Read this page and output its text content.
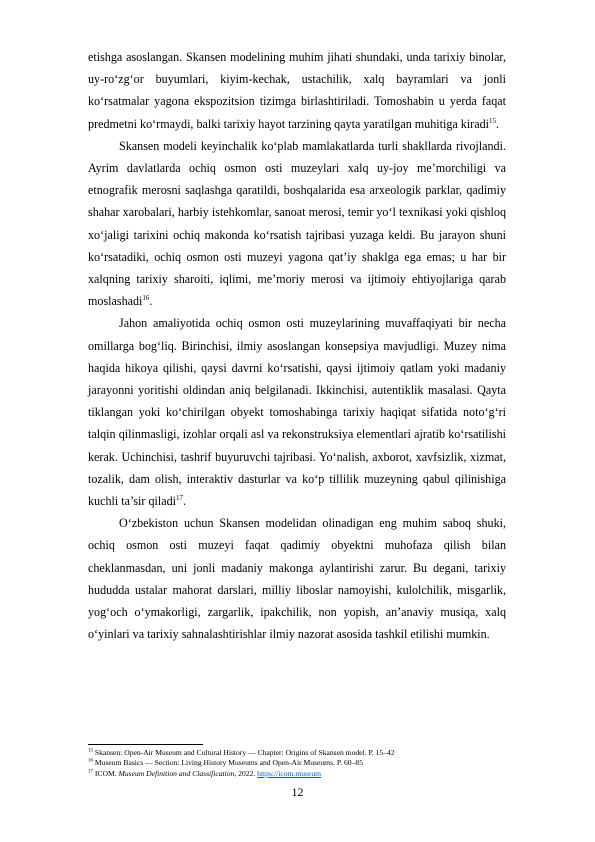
etishga asoslangan. Skansen modelining muhim jihati shundaki, unda tarixiy binolar, uy-ro‘zg‘or buyumlari, kiyim-kechak, ustachilik, xalq bayramlari va jonli ko‘rsatmalar yagona ekspozitsion tizimga birlashtiriladi. Tomoshabin u yerda faqat predmetni ko‘rmaydi, balki tarixiy hayot tarzining qayta yaratilgan muhitiga kiradi$^{15}$.

Skansen modeli keyinchalik ko‘plab mamlakatlarda turli shakllarda rivojlandi. Ayrim davlatlarda ochiq osmon osti muzeylari xalq uy-joy me’morchiligi va etnografik merosni saqlashga qaratildi, boshqalarida esa arxeologik parklar, qadimiy shahar xarobalari, harbiy istehkomlar, sanoat merosi, temir yo‘l texnikasi yoki qishloq xo‘jaligi tarixini ochiq makonda ko‘rsatish tajribasi yuzaga keldi. Bu jarayon shuni ko‘rsatadiki, ochiq osmon osti muzeyi yagona qat’iy shaklga ega emas; u har bir xalqning tarixiy sharoiti, iqlimi, me’moriy merosi va ijtimoiy ehtiyojlariga qarab moslashadi$^{16}$.

Jahon amaliyotida ochiq osmon osti muzeylarining muvaffaqiyati bir necha omillarga bog‘liq. Birinchisi, ilmiy asoslangan konsepsiya mavjudligi. Muzey nima haqida hikoya qilishi, qaysi davrni ko‘rsatishi, qaysi ijtimoiy qatlam yoki madaniy jarayonni yoritishi oldindan aniq belgilanadi. Ikkinchisi, autentiklik masalasi. Qayta tiklangan yoki ko‘chirilgan obyekt tomoshabinga tarixiy haqiqat sifatida noto‘g‘ri talqin qilinmasligi, izohlar orqali asl va rekonstruksiya elementlari ajratib ko‘rsatilishi kerak. Uchinchisi, tashrif buyuruvchi tajribasi. Yo‘nalish, axborot, xavfsizlik, xizmat, tozalik, dam olish, interaktiv dasturlar va ko‘p tillilik muzeyning qabul qilinishiga kuchli ta’sir qiladi$^{17}$.

O‘zbekiston uchun Skansen modelidan olinadigan eng muhim saboq shuki, ochiq osmon osti muzeyi faqat qadimiy obyektni muhofaza qilish bilan cheklanmasdan, uni jonli madaniy makonga aylantirishi zarur. Bu degani, tarixiy hududda ustalar mahorat darslari, milliy liboslar namoyishi, kulolchilik, misgarlik, yog‘och o‘ymakorligi, zargarlik, ipakchilik, non yopish, an’anaviy musiqa, xalq o‘yinlari va tarixiy sahnalashtirishlar ilmiy nazorat asosida tashkil etilishi mumkin.

$^{15}$ Skansen: Open-Air Museum and Cultural History — Chapter: Origins of Skansen model. P. 15–42

$^{16}$ Museum Basics — Section: Living History Museums and Open-Air Museums. P. 60–85

$^{17}$ ICOM. Museum Definition and Classification, 2022. https://icom.museum

12
